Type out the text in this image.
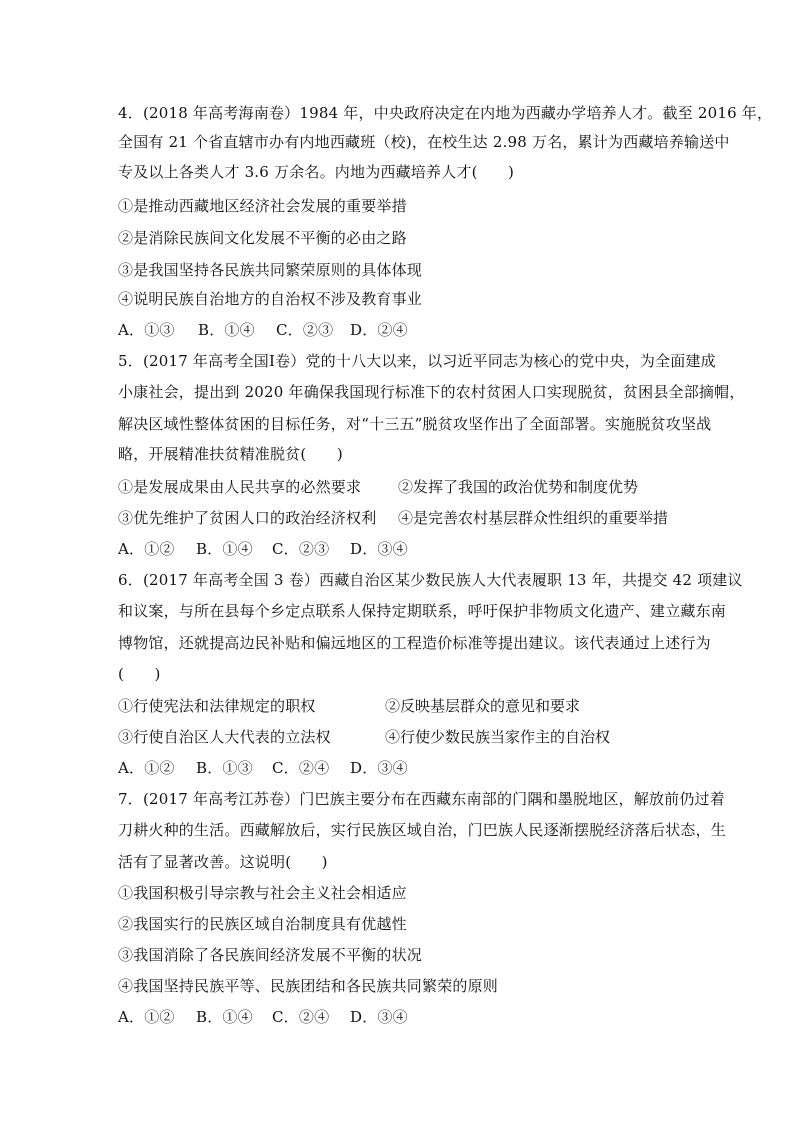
4．(2018 年高考海南卷）1984 年，中央政府决定在内地为西藏办学培养人才。截至 2016 年，
全国有 21 个省直辖市办有内地西藏班（校)，在校生达 2.98 万名，累计为西藏培养输送中
专及以上各类人才 3.6 万余名。内地为西藏培养人才(　　)
①是推动西藏地区经济社会发展的重要举措
②是消除民族间文化发展不平衡的必由之路
③是我国坚持各民族共同繁荣原则的具体体现
④说明民族自治地方的自治权不涉及教育事业
A．①③ B．①④ C．②③ D．②④
5．(2017 年高考全国Ⅰ卷）党的十八大以来，以习近平同志为核心的党中央，为全面建成
小康社会，提出到 2020 年确保我国现行标准下的农村贫困人口实现脱贫，贫困县全部摘帽，
解决区域性整体贫困的目标任务，对“十三五”脱贫攻坚作出了全面部署。实施脱贫攻坚战
略，开展精准扶贫精准脱贫(　　)
①是发展成果由人民共享的必然要求 ②发挥了我国的政治优势和制度优势
③优先维护了贫困人口的政治经济权利 ④是完善农村基层群众性组织的重要举措
A．①② B．①④ C．②③ D．③④
6．(2017 年高考全国 3 卷）西藏自治区某少数民族人大代表履职 13 年，共提交 42 项建议
和议案，与所在县每个乡定点联系人保持定期联系，呼吁保护非物质文化遗产、建立藏东南
博物馆，还就提高边民补贴和偏远地区的工程造价标准等提出建议。该代表通过上述行为
(　　)
①行使宪法和法律规定的职权	②反映基层群众的意见和要求
③行使自治区人大代表的立法权	④行使少数民族当家作主的自治权
A．①② B．①③ C．②④ D．③④
7．(2017 年高考江苏卷）门巴族主要分布在西藏东南部的门隅和墨脱地区，解放前仍过着
刀耕火种的生活。西藏解放后，实行民族区域自治，门巴族人民逐渐摆脱经济落后状态，生
活有了显著改善。这说明(　　)
①我国积极引导宗教与社会主义社会相适应
②我国实行的民族区域自治制度具有优越性
③我国消除了各民族间经济发展不平衡的状况
④我国坚持民族平等、民族团结和各民族共同繁荣的原则
A．①② B．①④ C．②④ D．③④
